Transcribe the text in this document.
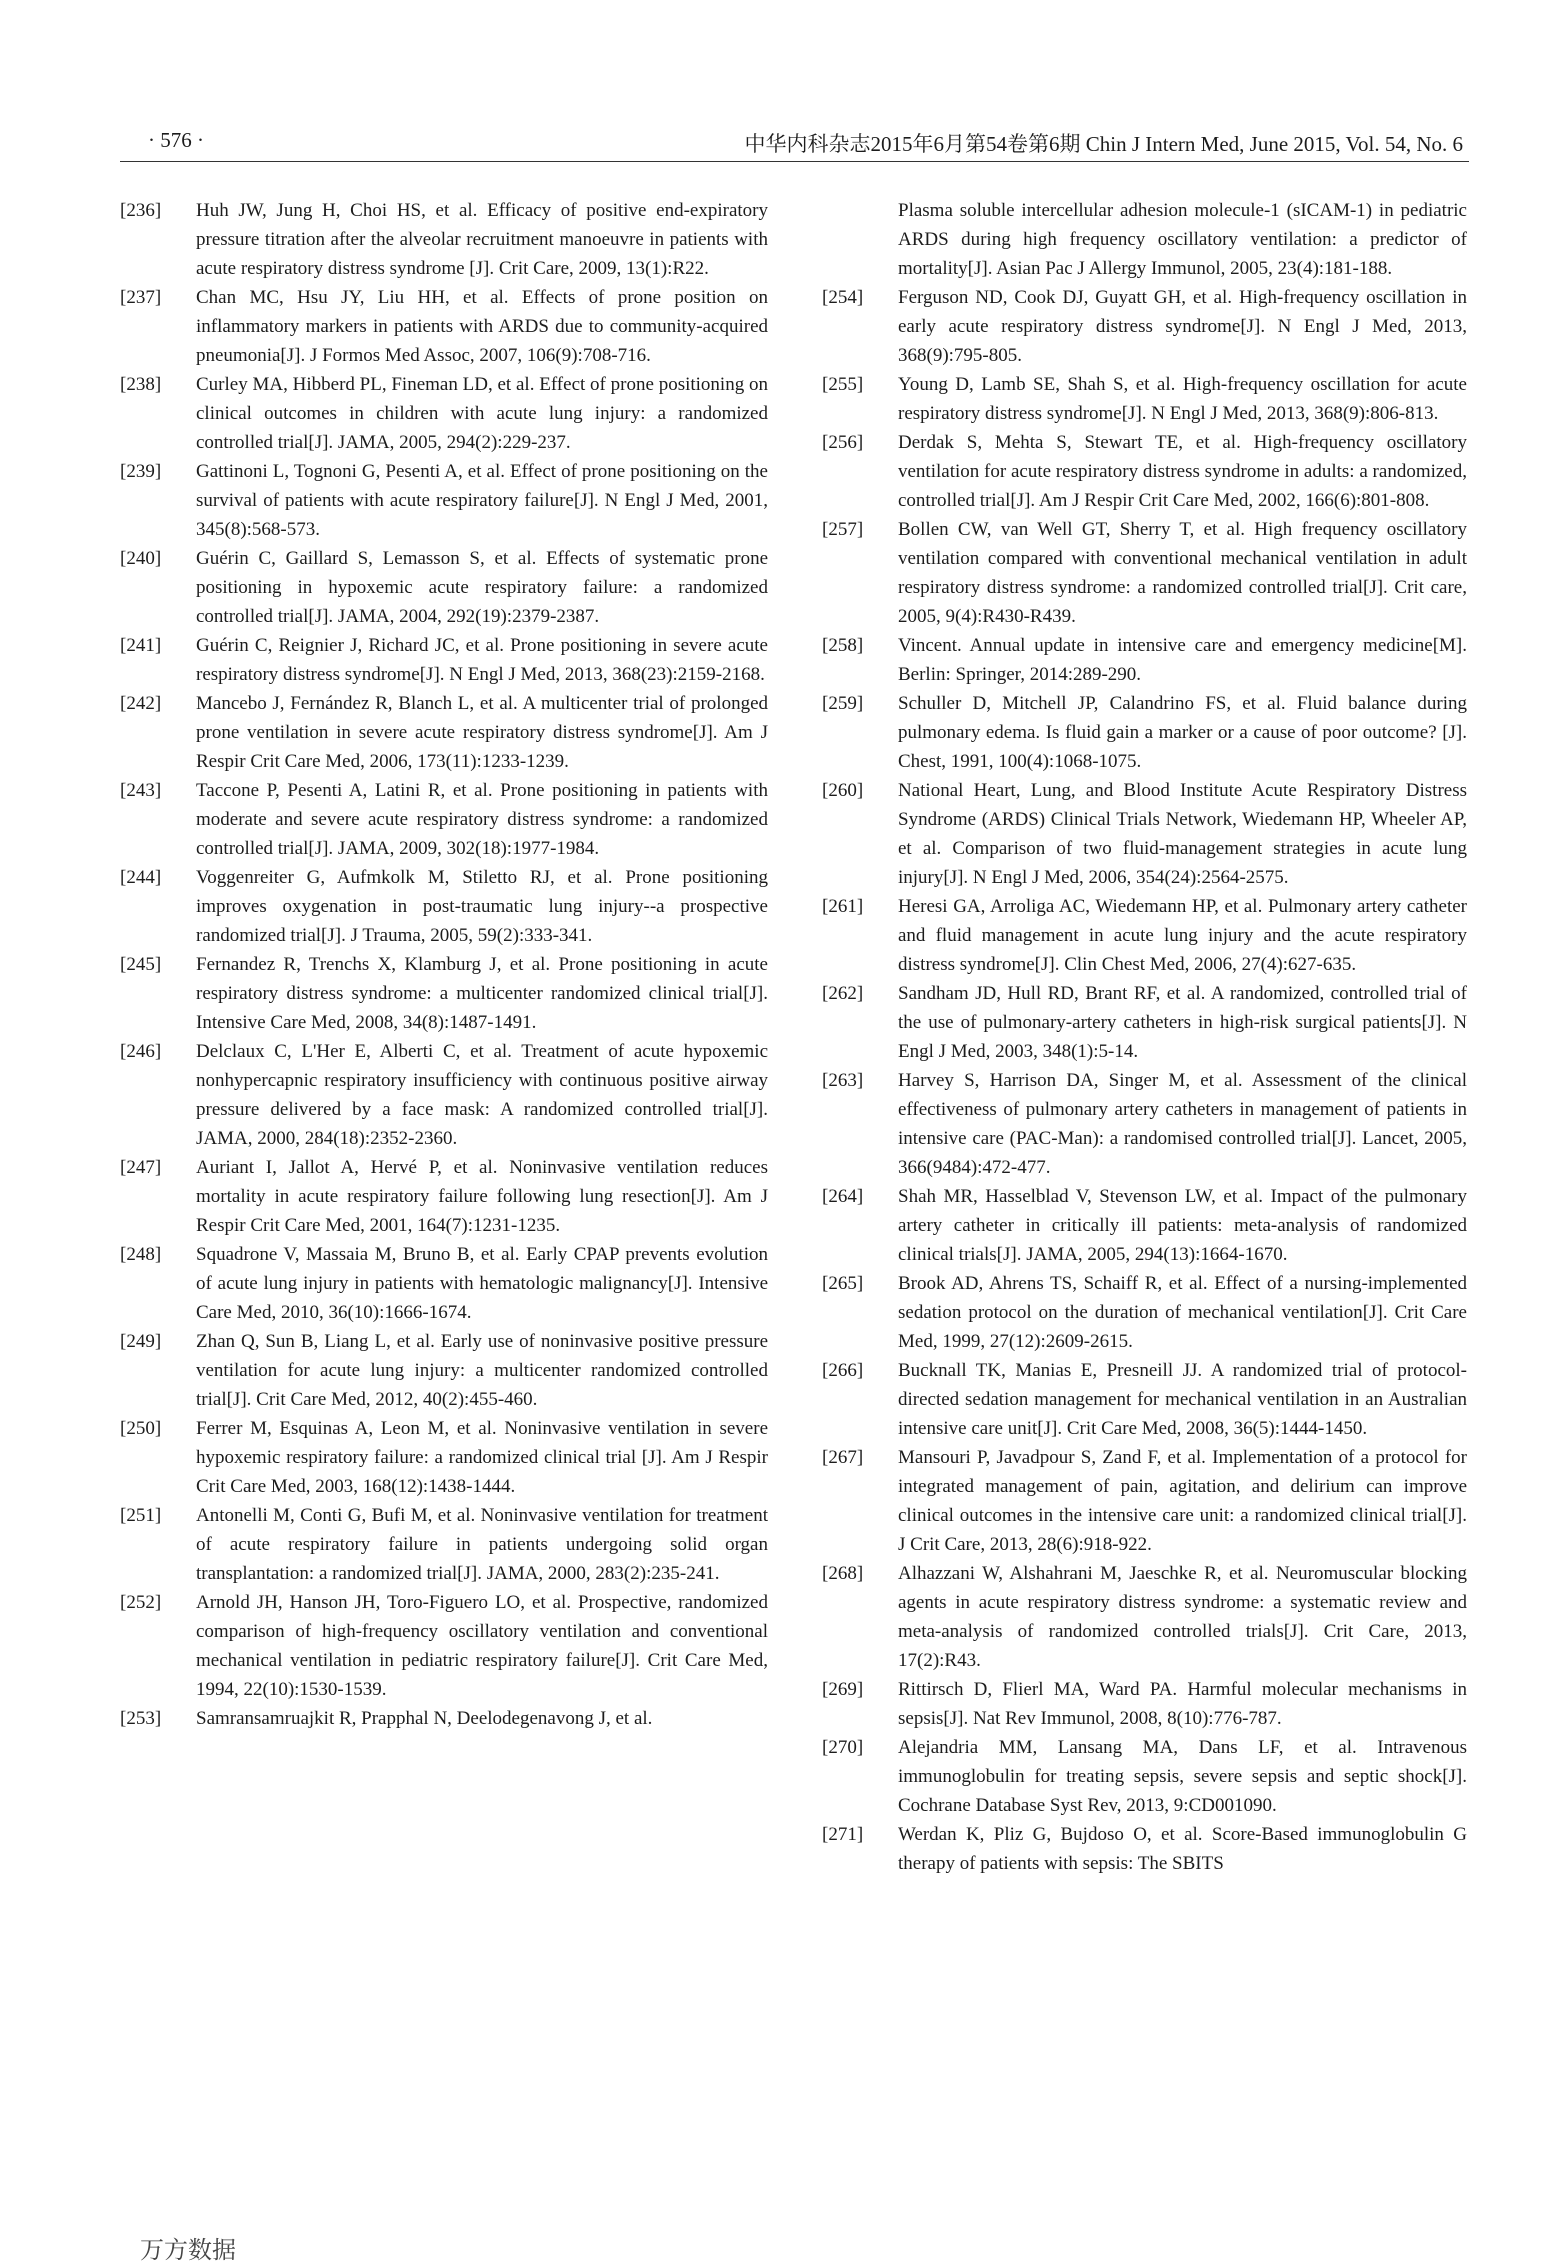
· 576 ·	中华内科杂志2015年6月第54卷第6期 Chin J Intern Med, June 2015, Vol. 54, No. 6
[236]	Huh JW, Jung H, Choi HS, et al. Efficacy of positive end-expiratory pressure titration after the alveolar recruitment manoeuvre in patients with acute respiratory distress syndrome [J]. Crit Care, 2009, 13(1):R22.
[237]	Chan MC, Hsu JY, Liu HH, et al. Effects of prone position on inflammatory markers in patients with ARDS due to community-acquired pneumonia[J]. J Formos Med Assoc, 2007, 106(9):708-716.
[238]	Curley MA, Hibberd PL, Fineman LD, et al. Effect of prone positioning on clinical outcomes in children with acute lung injury: a randomized controlled trial[J]. JAMA, 2005, 294(2):229-237.
[239]	Gattinoni L, Tognoni G, Pesenti A, et al. Effect of prone positioning on the survival of patients with acute respiratory failure[J]. N Engl J Med, 2001, 345(8):568-573.
[240]	Guérin C, Gaillard S, Lemasson S, et al. Effects of systematic prone positioning in hypoxemic acute respiratory failure: a randomized controlled trial[J]. JAMA, 2004, 292(19):2379-2387.
[241]	Guérin C, Reignier J, Richard JC, et al. Prone positioning in severe acute respiratory distress syndrome[J]. N Engl J Med, 2013, 368(23):2159-2168.
[242]	Mancebo J, Fernández R, Blanch L, et al. A multicenter trial of prolonged prone ventilation in severe acute respiratory distress syndrome[J]. Am J Respir Crit Care Med, 2006, 173(11):1233-1239.
[243]	Taccone P, Pesenti A, Latini R, et al. Prone positioning in patients with moderate and severe acute respiratory distress syndrome: a randomized controlled trial[J]. JAMA, 2009, 302(18):1977-1984.
[244]	Voggenreiter G, Aufmkolk M, Stiletto RJ, et al. Prone positioning improves oxygenation in post-traumatic lung injury--a prospective randomized trial[J]. J Trauma, 2005, 59(2):333-341.
[245]	Fernandez R, Trenchs X, Klamburg J, et al. Prone positioning in acute respiratory distress syndrome: a multicenter randomized clinical trial[J]. Intensive Care Med, 2008, 34(8):1487-1491.
[246]	Delclaux C, L'Her E, Alberti C, et al. Treatment of acute hypoxemic nonhypercapnic respiratory insufficiency with continuous positive airway pressure delivered by a face mask: A randomized controlled trial[J]. JAMA, 2000, 284(18):2352-2360.
[247]	Auriant I, Jallot A, Hervé P, et al. Noninvasive ventilation reduces mortality in acute respiratory failure following lung resection[J]. Am J Respir Crit Care Med, 2001, 164(7):1231-1235.
[248]	Squadrone V, Massaia M, Bruno B, et al. Early CPAP prevents evolution of acute lung injury in patients with hematologic malignancy[J]. Intensive Care Med, 2010, 36(10):1666-1674.
[249]	Zhan Q, Sun B, Liang L, et al. Early use of noninvasive positive pressure ventilation for acute lung injury: a multicenter randomized controlled trial[J]. Crit Care Med, 2012, 40(2):455-460.
[250]	Ferrer M, Esquinas A, Leon M, et al. Noninvasive ventilation in severe hypoxemic respiratory failure: a randomized clinical trial [J]. Am J Respir Crit Care Med, 2003, 168(12):1438-1444.
[251]	Antonelli M, Conti G, Bufi M, et al. Noninvasive ventilation for treatment of acute respiratory failure in patients undergoing solid organ transplantation: a randomized trial[J]. JAMA, 2000, 283(2):235-241.
[252]	Arnold JH, Hanson JH, Toro-Figuero LO, et al. Prospective, randomized comparison of high-frequency oscillatory ventilation and conventional mechanical ventilation in pediatric respiratory failure[J]. Crit Care Med, 1994, 22(10):1530-1539.
[253]	Samransamruajkit R, Prapphal N, Deelodegenavong J, et al.
Plasma soluble intercellular adhesion molecule-1 (sICAM-1) in pediatric ARDS during high frequency oscillatory ventilation: a predictor of mortality[J]. Asian Pac J Allergy Immunol, 2005, 23(4):181-188.
[254]	Ferguson ND, Cook DJ, Guyatt GH, et al. High-frequency oscillation in early acute respiratory distress syndrome[J]. N Engl J Med, 2013, 368(9):795-805.
[255]	Young D, Lamb SE, Shah S, et al. High-frequency oscillation for acute respiratory distress syndrome[J]. N Engl J Med, 2013, 368(9):806-813.
[256]	Derdak S, Mehta S, Stewart TE, et al. High-frequency oscillatory ventilation for acute respiratory distress syndrome in adults: a randomized, controlled trial[J]. Am J Respir Crit Care Med, 2002, 166(6):801-808.
[257]	Bollen CW, van Well GT, Sherry T, et al. High frequency oscillatory ventilation compared with conventional mechanical ventilation in adult respiratory distress syndrome: a randomized controlled trial[J]. Crit care, 2005, 9(4):R430-R439.
[258]	Vincent. Annual update in intensive care and emergency medicine[M]. Berlin: Springer, 2014:289-290.
[259]	Schuller D, Mitchell JP, Calandrino FS, et al. Fluid balance during pulmonary edema. Is fluid gain a marker or a cause of poor outcome? [J]. Chest, 1991, 100(4):1068-1075.
[260]	National Heart, Lung, and Blood Institute Acute Respiratory Distress Syndrome (ARDS) Clinical Trials Network, Wiedemann HP, Wheeler AP, et al. Comparison of two fluid-management strategies in acute lung injury[J]. N Engl J Med, 2006, 354(24):2564-2575.
[261]	Heresi GA, Arroliga AC, Wiedemann HP, et al. Pulmonary artery catheter and fluid management in acute lung injury and the acute respiratory distress syndrome[J]. Clin Chest Med, 2006, 27(4):627-635.
[262]	Sandham JD, Hull RD, Brant RF, et al. A randomized, controlled trial of the use of pulmonary-artery catheters in high-risk surgical patients[J]. N Engl J Med, 2003, 348(1):5-14.
[263]	Harvey S, Harrison DA, Singer M, et al. Assessment of the clinical effectiveness of pulmonary artery catheters in management of patients in intensive care (PAC-Man): a randomised controlled trial[J]. Lancet, 2005, 366(9484):472-477.
[264]	Shah MR, Hasselblad V, Stevenson LW, et al. Impact of the pulmonary artery catheter in critically ill patients: meta-analysis of randomized clinical trials[J]. JAMA, 2005, 294(13):1664-1670.
[265]	Brook AD, Ahrens TS, Schaiff R, et al. Effect of a nursing-implemented sedation protocol on the duration of mechanical ventilation[J]. Crit Care Med, 1999, 27(12):2609-2615.
[266]	Bucknall TK, Manias E, Presneill JJ. A randomized trial of protocol-directed sedation management for mechanical ventilation in an Australian intensive care unit[J]. Crit Care Med, 2008, 36(5):1444-1450.
[267]	Mansouri P, Javadpour S, Zand F, et al. Implementation of a protocol for integrated management of pain, agitation, and delirium can improve clinical outcomes in the intensive care unit: a randomized clinical trial[J]. J Crit Care, 2013, 28(6):918-922.
[268]	Alhazzani W, Alshahrani M, Jaeschke R, et al. Neuromuscular blocking agents in acute respiratory distress syndrome: a systematic review and meta-analysis of randomized controlled trials[J]. Crit Care, 2013, 17(2):R43.
[269]	Rittirsch D, Flierl MA, Ward PA. Harmful molecular mechanisms in sepsis[J]. Nat Rev Immunol, 2008, 8(10):776-787.
[270]	Alejandria MM, Lansang MA, Dans LF, et al. Intravenous immunoglobulin for treating sepsis, severe sepsis and septic shock[J]. Cochrane Database Syst Rev, 2013, 9:CD001090.
[271]	Werdan K, Pliz G, Bujdoso O, et al. Score-Based immunoglobulin G therapy of patients with sepsis: The SBITS
万方数据
